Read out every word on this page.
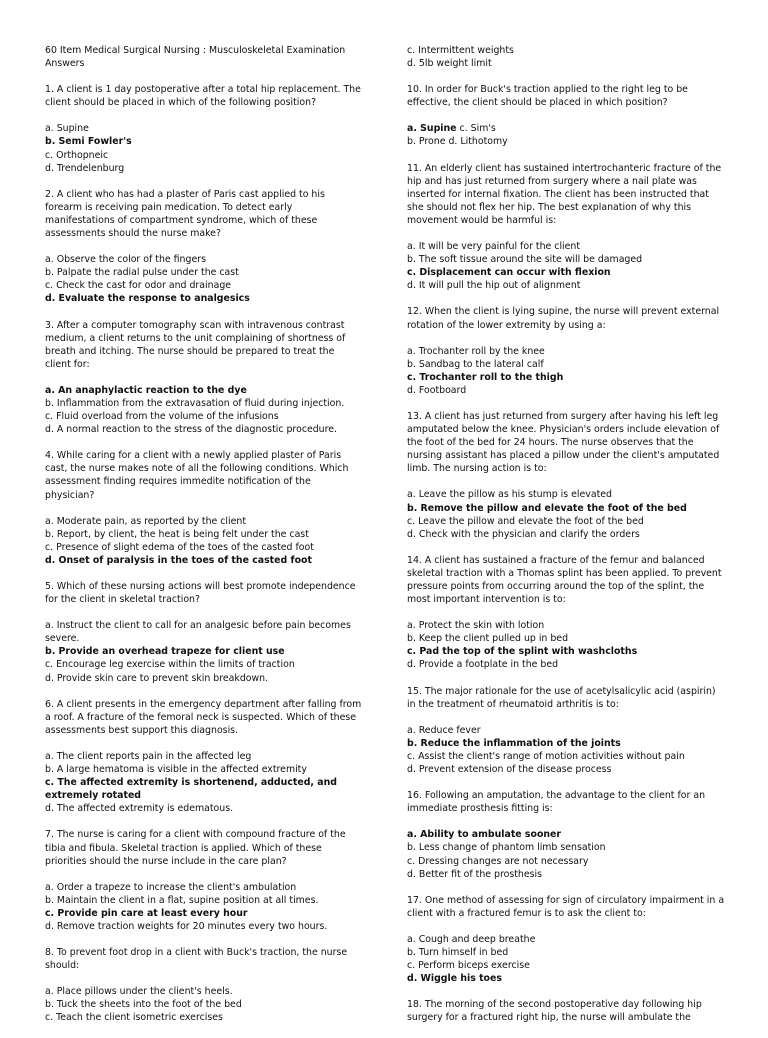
60 Item Medical Surgical Nursing : Musculoskeletal Examination Answers
1. A client is 1 day postoperative after a total hip replacement. The client should be placed in which of the following position?
a. Supine
b. Semi Fowler's
c. Orthopneic
d. Trendelenburg
2. A client who has had a plaster of Paris cast applied to his forearm is receiving pain medication. To detect early manifestations of compartment syndrome, which of these assessments should the nurse make?
a. Observe the color of the fingers
b. Palpate the radial pulse under the cast
c. Check the cast for odor and drainage
d. Evaluate the response to analgesics
3. After a computer tomography scan with intravenous contrast medium, a client returns to the unit complaining of shortness of breath and itching. The nurse should be prepared to treat the client for:
a. An anaphylactic reaction to the dye
b. Inflammation from the extravasation of fluid during injection.
c. Fluid overload from the volume of the infusions
d. A normal reaction to the stress of the diagnostic procedure.
4. While caring for a client with a newly applied plaster of Paris cast, the nurse makes note of all the following conditions. Which assessment finding requires immedite notification of the physician?
a. Moderate pain, as reported by the client
b. Report, by client, the heat is being felt under the cast
c. Presence of slight edema of the toes of the casted foot
d. Onset of paralysis in the toes of the casted foot
5. Which of these nursing actions will best promote independence for the client in skeletal traction?
a. Instruct the client to call for an analgesic before pain becomes severe.
b. Provide an overhead trapeze for client use
c. Encourage leg exercise within the limits of traction
d. Provide skin care to prevent skin breakdown.
6. A client presents in the emergency department after falling from a roof. A fracture of the femoral neck is suspected. Which of these assessments best support this diagnosis.
a. The client reports pain in the affected leg
b. A large hematoma is visible in the affected extremity
c. The affected extremity is shortenend, adducted, and extremely rotated
d. The affected extremity is edematous.
7. The nurse is caring for a client with compound fracture of the tibia and fibula. Skeletal traction is applied. Which of these priorities should the nurse include in the care plan?
a. Order a trapeze to increase the client's ambulation
b. Maintain the client in a flat, supine position at all times.
c. Provide pin care at least every hour
d. Remove traction weights for 20 minutes every two hours.
8. To prevent foot drop in a client with Buck's traction, the nurse should:
a. Place pillows under the client's heels.
b. Tuck the sheets into the foot of the bed
c. Teach the client isometric exercises
c. Intermittent weights
d. 5lb weight limit
10. In order for Buck's traction applied to the right leg to be effective, the client should be placed in which position?
a. Supine c. Sim's
b. Prone d. Lithotomy
11. An elderly client has sustained intertrochanteric fracture of the hip and has just returned from surgery where a nail plate was inserted for internal fixation. The client has been instructed that she should not flex her hip. The best explanation of why this movement would be harmful is:
a. It will be very painful for the client
b. The soft tissue around the site will be damaged
c. Displacement can occur with flexion
d. It will pull the hip out of alignment
12. When the client is lying supine, the nurse will prevent external rotation of the lower extremity by using a:
a. Trochanter roll by the knee
b. Sandbag to the lateral calf
c. Trochanter roll to the thigh
d. Footboard
13. A client has just returned from surgery after having his left leg amputated below the knee. Physician's orders include elevation of the foot of the bed for 24 hours. The nurse observes that the nursing assistant has placed a pillow under the client's amputated limb. The nursing action is to:
a. Leave the pillow as his stump is elevated
b. Remove the pillow and elevate the foot of the bed
c. Leave the pillow and elevate the foot of the bed
d. Check with the physician and clarify the orders
14. A client has sustained a fracture of the femur and balanced skeletal traction with a Thomas splint has been applied. To prevent pressure points from occurring around the top of the splint, the most important intervention is to:
a. Protect the skin with lotion
b. Keep the client pulled up in bed
c. Pad the top of the splint with washcloths
d. Provide a footplate in the bed
15. The major rationale for the use of acetylsalicylic acid (aspirin) in the treatment of rheumatoid arthritis is to:
a. Reduce fever
b. Reduce the inflammation of the joints
c. Assist the client's range of motion activities without pain
d. Prevent extension of the disease process
16. Following an amputation, the advantage to the client for an immediate prosthesis fitting is:
a. Ability to ambulate sooner
b. Less change of phantom limb sensation
c. Dressing changes are not necessary
d. Better fit of the prosthesis
17. One method of assessing for sign of circulatory impairment in a client with a fractured femur is to ask the client to:
a. Cough and deep breathe
b. Turn himself in bed
c. Perform biceps exercise
d. Wiggle his toes
18. The morning of the second postoperative day following hip surgery for a fractured right hip, the nurse will ambulate the
